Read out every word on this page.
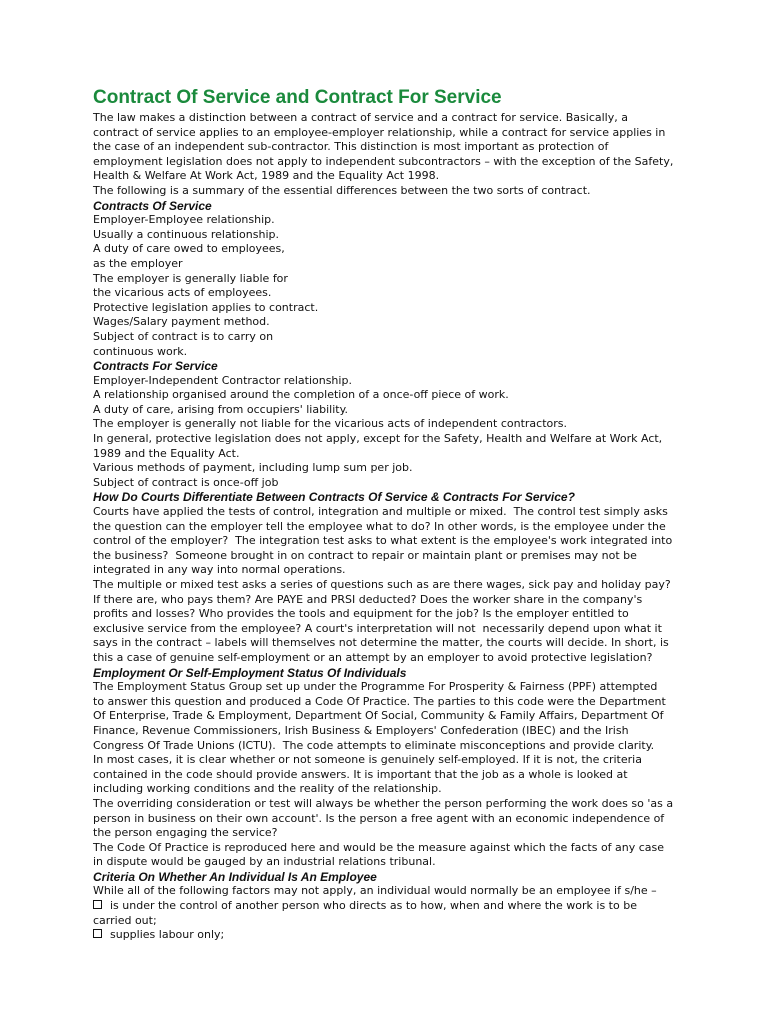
Contract Of Service and Contract For Service
The law makes a distinction between a contract of service and a contract for service. Basically, a
contract of service applies to an employee-employer relationship, while a contract for service applies in
the case of an independent sub-contractor. This distinction is most important as protection of
employment legislation does not apply to independent subcontractors – with the exception of the Safety,
Health & Welfare At Work Act, 1989 and the Equality Act 1998.
The following is a summary of the essential differences between the two sorts of contract.
Contracts Of Service
Employer-Employee relationship.
Usually a continuous relationship.
A duty of care owed to employees,
as the employer
The employer is generally liable for
the vicarious acts of employees.
Protective legislation applies to contract.
Wages/Salary payment method.
Subject of contract is to carry on
continuous work.
Contracts For Service
Employer-Independent Contractor relationship.
A relationship organised around the completion of a once-off piece of work.
A duty of care, arising from occupiers' liability.
The employer is generally not liable for the vicarious acts of independent contractors.
In general, protective legislation does not apply, except for the Safety, Health and Welfare at Work Act,
1989 and the Equality Act.
Various methods of payment, including lump sum per job.
Subject of contract is once-off job
How Do Courts Differentiate Between Contracts Of Service & Contracts For Service?
Courts have applied the tests of control, integration and multiple or mixed.  The control test simply asks
the question can the employer tell the employee what to do? In other words, is the employee under the
control of the employer?  The integration test asks to what extent is the employee's work integrated into
the business?  Someone brought in on contract to repair or maintain plant or premises may not be
integrated in any way into normal operations.
The multiple or mixed test asks a series of questions such as are there wages, sick pay and holiday pay?
If there are, who pays them? Are PAYE and PRSI deducted? Does the worker share in the company's
profits and losses? Who provides the tools and equipment for the job? Is the employer entitled to
exclusive service from the employee? A court's interpretation will not  necessarily depend upon what it
says in the contract – labels will themselves not determine the matter, the courts will decide. In short, is
this a case of genuine self-employment or an attempt by an employer to avoid protective legislation?
Employment Or Self-Employment Status Of Individuals
The Employment Status Group set up under the Programme For Prosperity & Fairness (PPF) attempted
to answer this question and produced a Code Of Practice. The parties to this code were the Department
Of Enterprise, Trade & Employment, Department Of Social, Community & Family Affairs, Department Of
Finance, Revenue Commissioners, Irish Business & Employers' Confederation (IBEC) and the Irish
Congress Of Trade Unions (ICTU).  The code attempts to eliminate misconceptions and provide clarity.
In most cases, it is clear whether or not someone is genuinely self-employed. If it is not, the criteria
contained in the code should provide answers. It is important that the job as a whole is looked at
including working conditions and the reality of the relationship.
The overriding consideration or test will always be whether the person performing the work does so 'as a
person in business on their own account'. Is the person a free agent with an economic independence of
the person engaging the service?
The Code Of Practice is reproduced here and would be the measure against which the facts of any case
in dispute would be gauged by an industrial relations tribunal.
Criteria On Whether An Individual Is An Employee
While all of the following factors may not apply, an individual would normally be an employee if s/he –
is under the control of another person who directs as to how, when and where the work is to be
carried out;
supplies labour only;
